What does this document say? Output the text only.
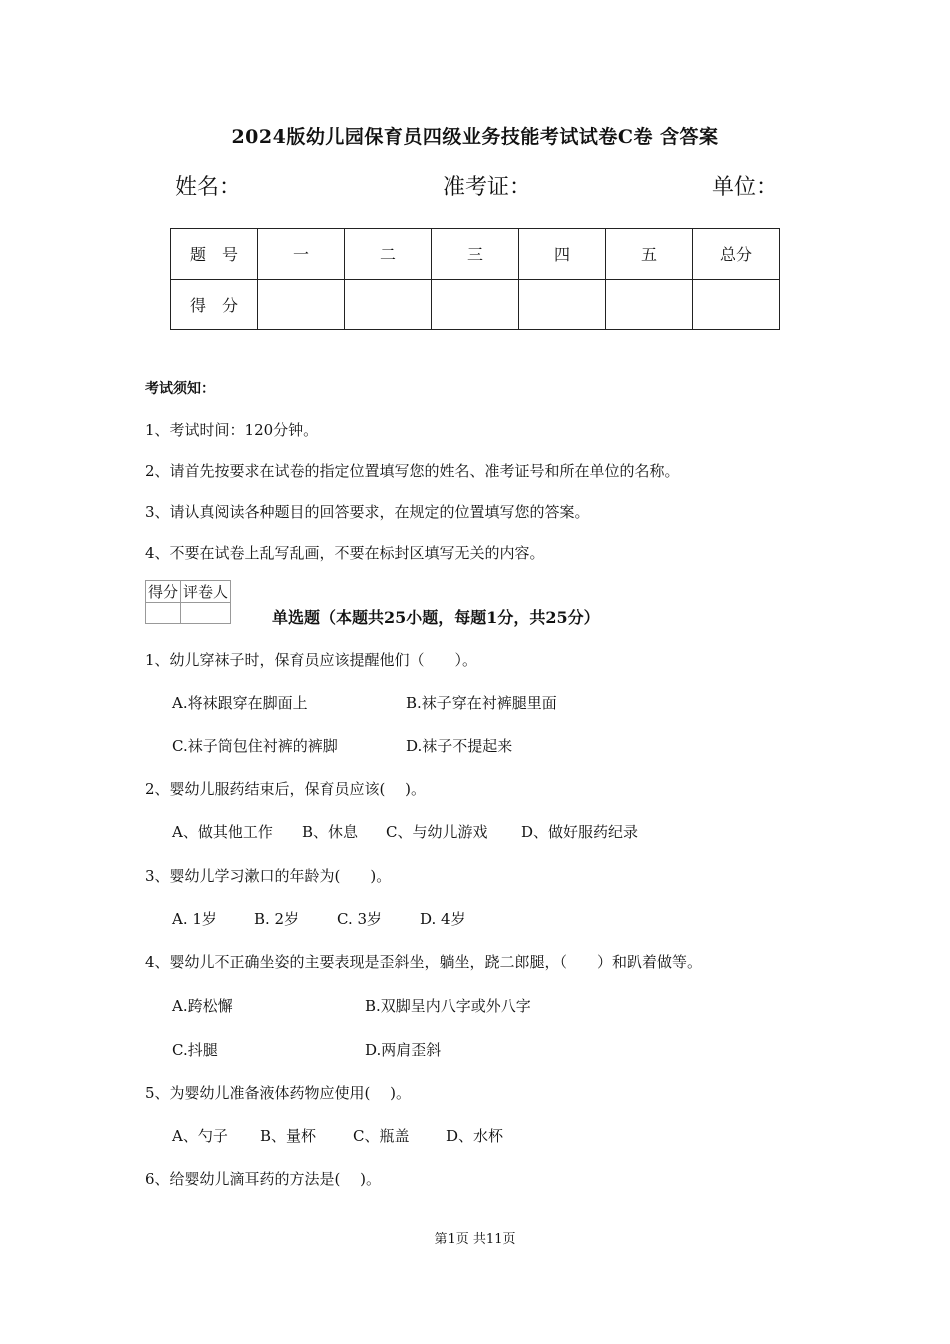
2024版幼儿园保育员四级业务技能考试试卷C卷 含答案
姓名：	准考证：	单位：
题　号	一	二	三	四	五	总分
得　分						
考试须知：
1、考试时间：120分钟。
2、请首先按要求在试卷的指定位置填写您的姓名、准考证号和所在单位的名称。
3、请认真阅读各种题目的回答要求，在规定的位置填写您的答案。
4、不要在试卷上乱写乱画，不要在标封区填写无关的内容。
得分	评卷人

单选题（本题共25小题，每题1分，共25分）
1、幼儿穿袜子时，保育员应该提醒他们（　　）。
A.将袜跟穿在脚面上	B.袜子穿在衬裤腿里面
C.袜子筒包住衬裤的裤脚	D.袜子不提起来
2、婴幼儿服药结束后，保育员应该(　 )。
A、做其他工作 B、休息 C、与幼儿游戏 D、做好服药纪录
3、婴幼儿学习漱口的年龄为(　　)。
A. 1岁 B. 2岁	C. 3岁	D. 4岁
4、婴幼儿不正确坐姿的主要表现是歪斜坐，躺坐，跷二郎腿，（　　）和趴着做等。
A.跨松懈	B.双脚呈内八字或外八字
C.抖腿	D.两肩歪斜
5、为婴幼儿准备液体药物应使用(　 )。
A、勺子 B、量杯 C、瓶盖 D、水杯
6、给婴幼儿滴耳药的方法是(　 )。
第1页 共11页
